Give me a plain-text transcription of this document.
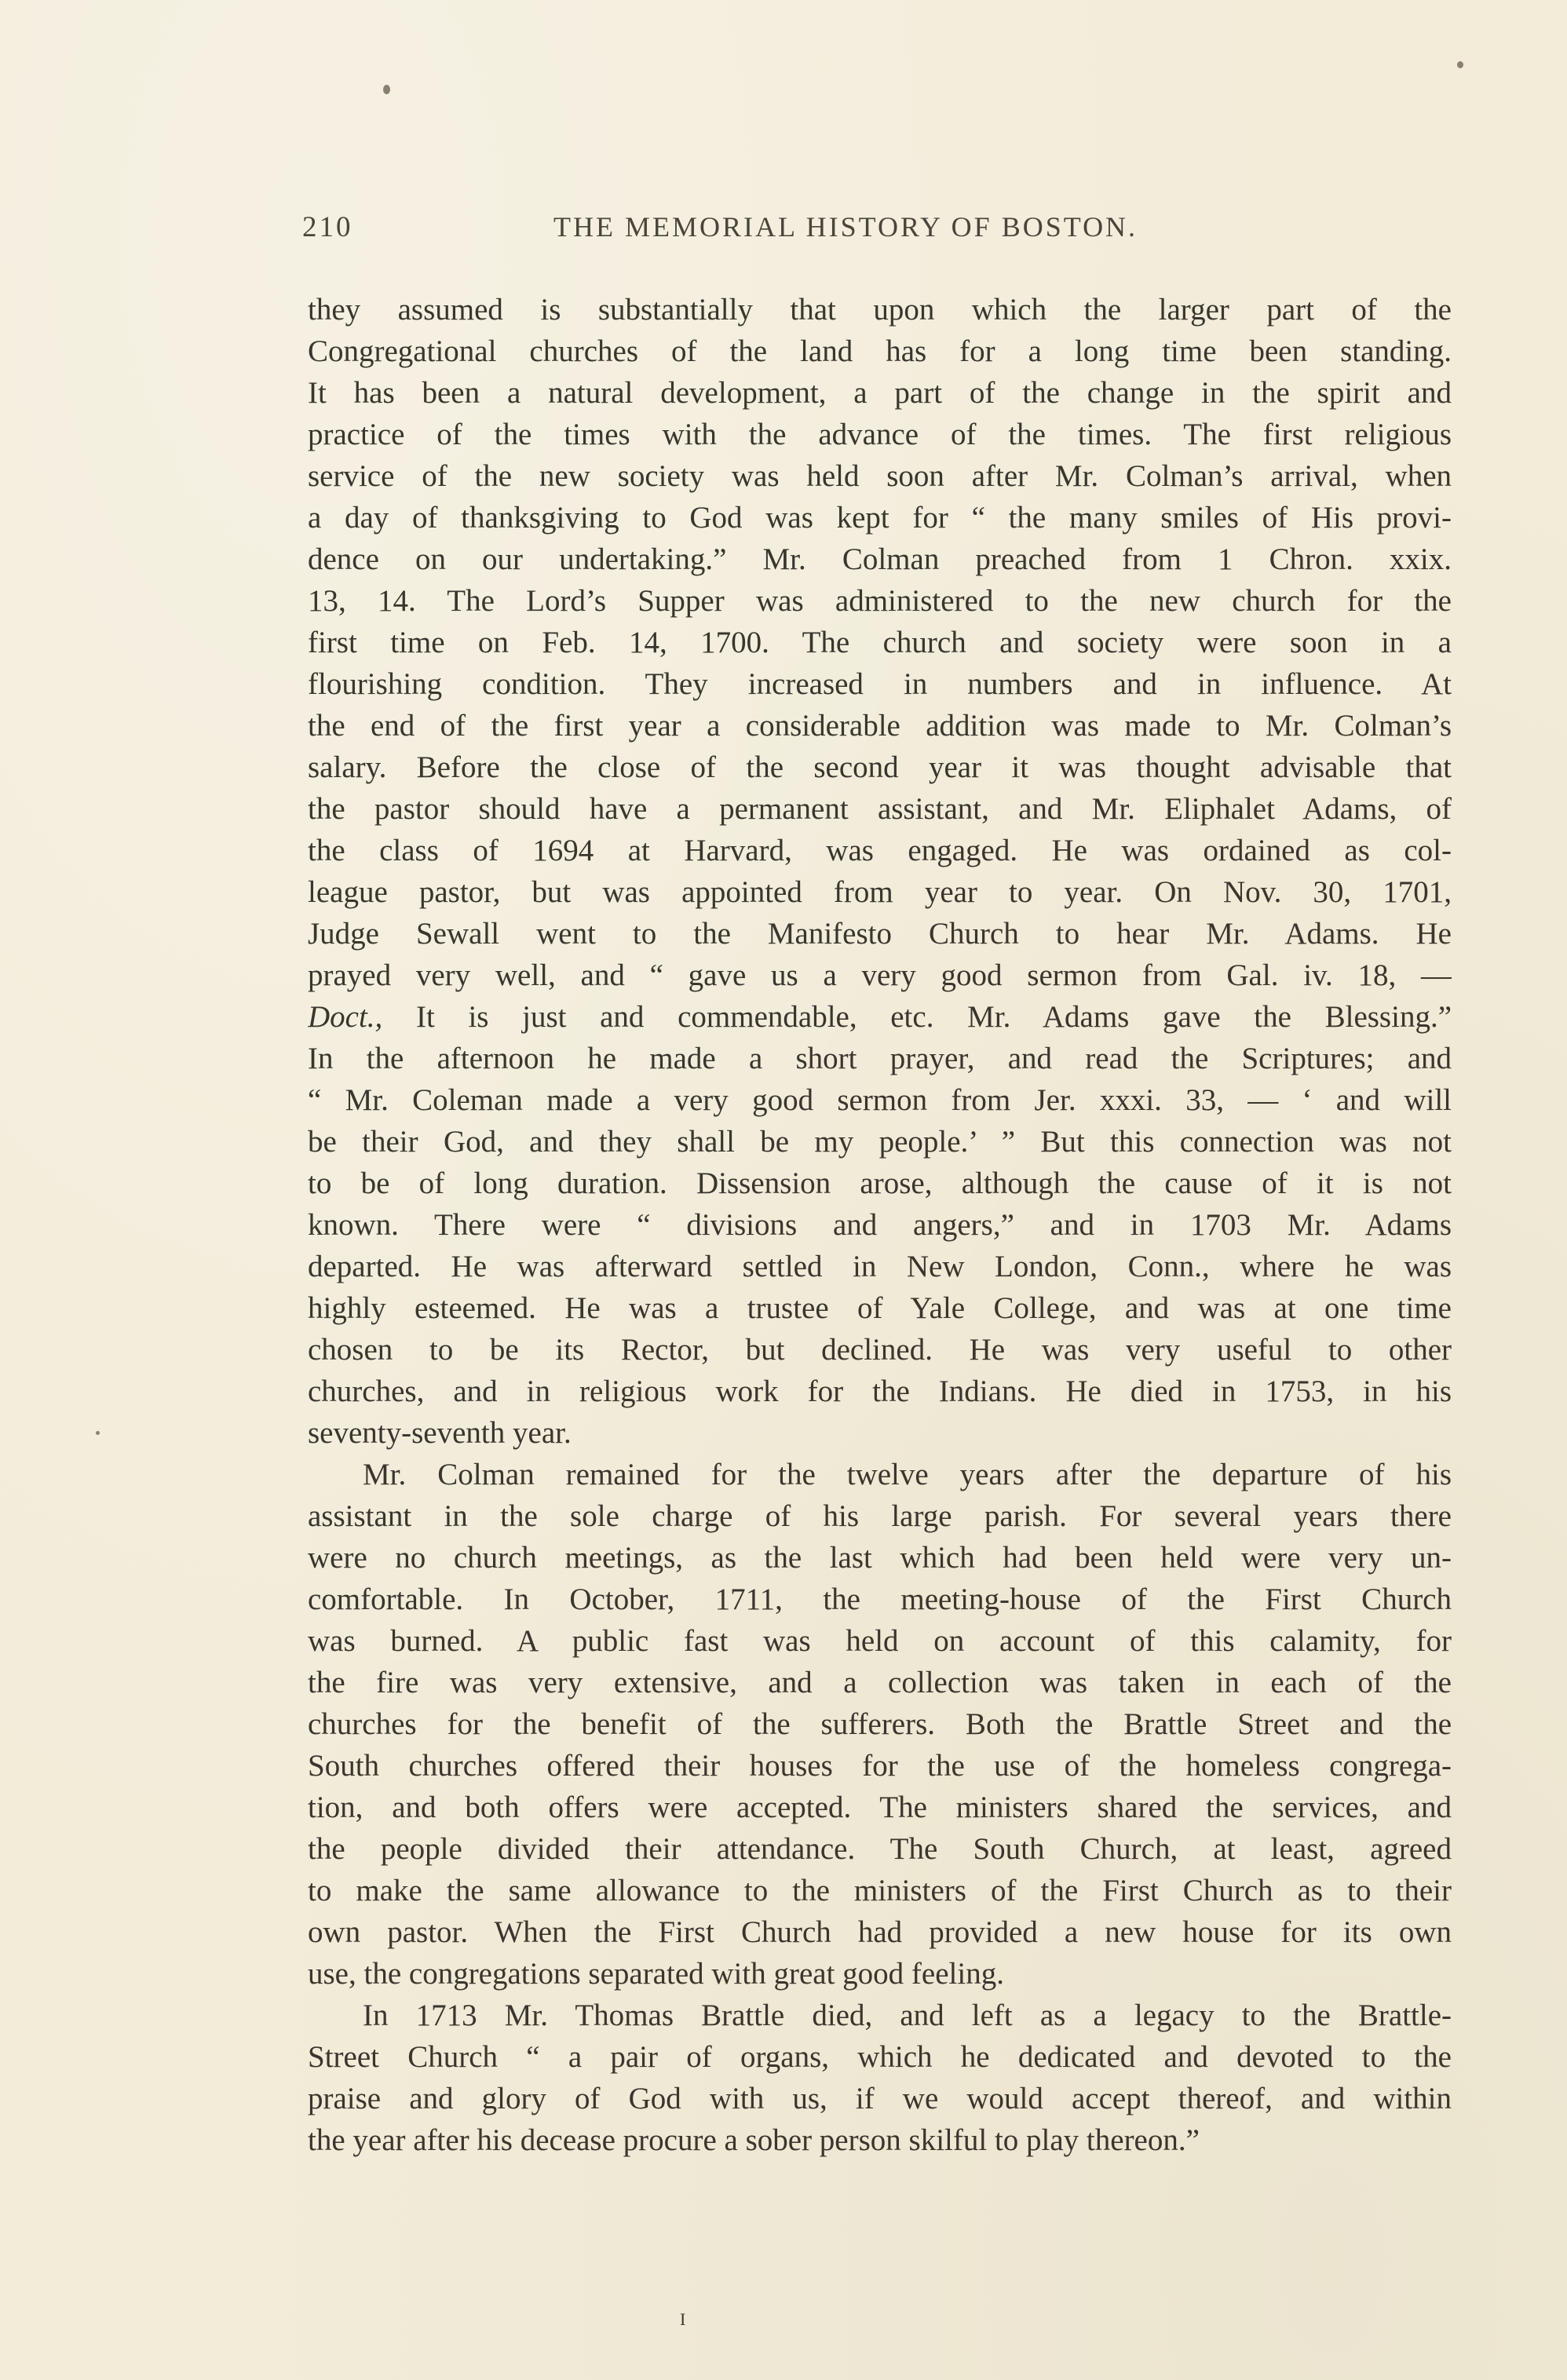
210	THE MEMORIAL HISTORY OF BOSTON.
they assumed is substantially that upon which the larger part of the
Congregational churches of the land has for a long time been standing.
It has been a natural development, a part of the change in the spirit and
practice of the times with the advance of the times. The first religious
service of the new society was held soon after Mr. Colman’s arrival, when
a day of thanksgiving to God was kept for “ the many smiles of His provi-
dence on our undertaking.” Mr. Colman preached from 1 Chron. xxix.
13, 14. The Lord’s Supper was administered to the new church for the
first time on Feb. 14, 1700. The church and society were soon in a
flourishing condition. They increased in numbers and in influence. At
the end of the first year a considerable addition was made to Mr. Colman’s
salary. Before the close of the second year it was thought advisable that
the pastor should have a permanent assistant, and Mr. Eliphalet Adams, of
the class of 1694 at Harvard, was engaged. He was ordained as col-
league pastor, but was appointed from year to year. On Nov. 30, 1701,
Judge Sewall went to the Manifesto Church to hear Mr. Adams. He
prayed very well, and “ gave us a very good sermon from Gal. iv. 18, —
Doct., It is just and commendable, etc. Mr. Adams gave the Blessing.”
In the afternoon he made a short prayer, and read the Scriptures; and
“ Mr. Coleman made a very good sermon from Jer. xxxi. 33, — ‘ and will
be their God, and they shall be my people.’ ” But this connection was not
to be of long duration. Dissension arose, although the cause of it is not
known. There were “ divisions and angers,” and in 1703 Mr. Adams
departed. He was afterward settled in New London, Conn., where he was
highly esteemed. He was a trustee of Yale College, and was at one time
chosen to be its Rector, but declined. He was very useful to other
churches, and in religious work for the Indians. He died in 1753, in his
seventy-seventh year.
Mr. Colman remained for the twelve years after the departure of his
assistant in the sole charge of his large parish. For several years there
were no church meetings, as the last which had been held were very un-
comfortable. In October, 1711, the meeting-house of the First Church
was burned. A public fast was held on account of this calamity, for
the fire was very extensive, and a collection was taken in each of the
churches for the benefit of the sufferers. Both the Brattle Street and the
South churches offered their houses for the use of the homeless congrega-
tion, and both offers were accepted. The ministers shared the services, and
the people divided their attendance. The South Church, at least, agreed
to make the same allowance to the ministers of the First Church as to their
own pastor. When the First Church had provided a new house for its own
use, the congregations separated with great good feeling.
In 1713 Mr. Thomas Brattle died, and left as a legacy to the Brattle-
Street Church “ a pair of organs, which he dedicated and devoted to the
praise and glory of God with us, if we would accept thereof, and within
the year after his decease procure a sober person skilful to play thereon.”
I
